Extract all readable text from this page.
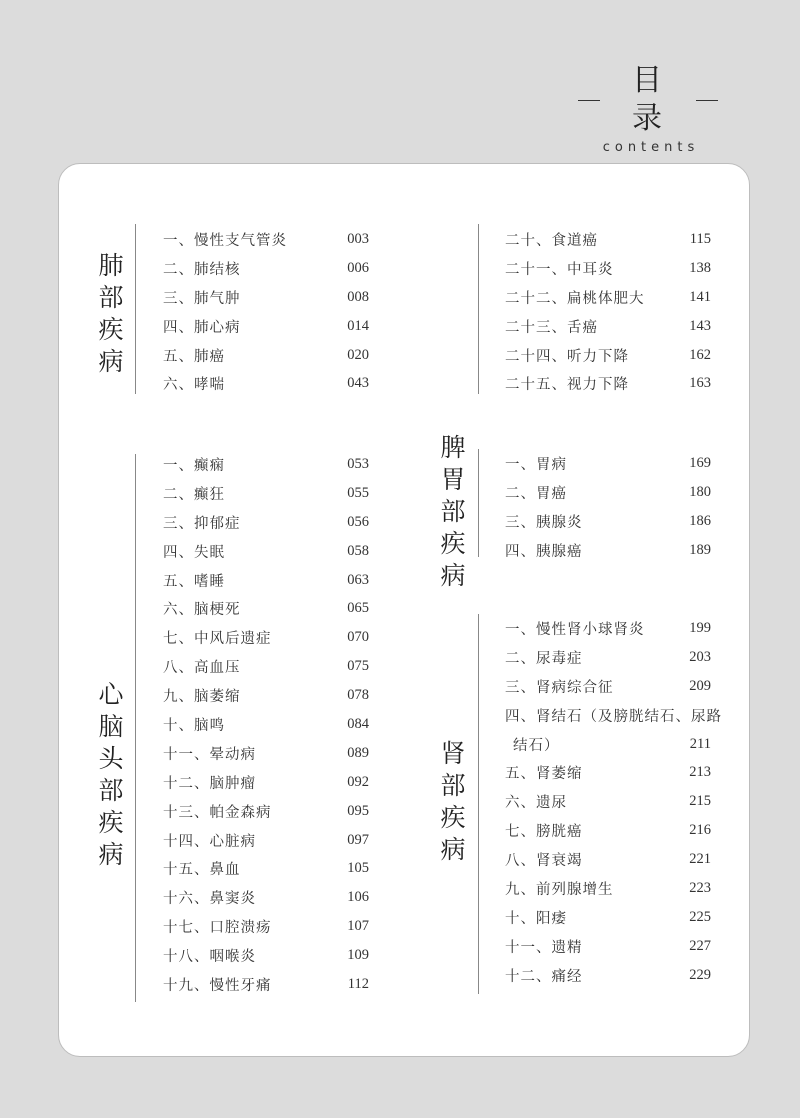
目录
contents
肺
部
疾
病
一、慢性支气管炎	003
二、肺结核	006
三、肺气肿	008
四、肺心病	014
五、肺癌	020
六、哮喘	043
心
脑
头
部
疾
病
一、癫痫	053
二、癫狂	055
三、抑郁症	056
四、失眠	058
五、嗜睡	063
六、脑梗死	065
七、中风后遗症	070
八、高血压	075
九、脑萎缩	078
十、脑鸣	084
十一、晕动病	089
十二、脑肿瘤	092
十三、帕金森病	095
十四、心脏病	097
十五、鼻血	105
十六、鼻窦炎	106
十七、口腔溃疡	107
十八、咽喉炎	109
十九、慢性牙痛	112
二十、食道癌	115
二十一、中耳炎	138
二十二、扁桃体肥大	141
二十三、舌癌	143
二十四、听力下降	162
二十五、视力下降	163
脾
胃
部
疾
病
一、胃病	169
二、胃癌	180
三、胰腺炎	186
四、胰腺癌	189
肾
部
疾
病
一、慢性肾小球肾炎	199
二、尿毒症	203
三、肾病综合征	209
四、肾结石（及膀胱结石、尿路
结石）	211
五、肾萎缩	213
六、遗尿	215
七、膀胱癌	216
八、肾衰竭	221
九、前列腺增生	223
十、阳痿	225
十一、遗精	227
十二、痛经	229
